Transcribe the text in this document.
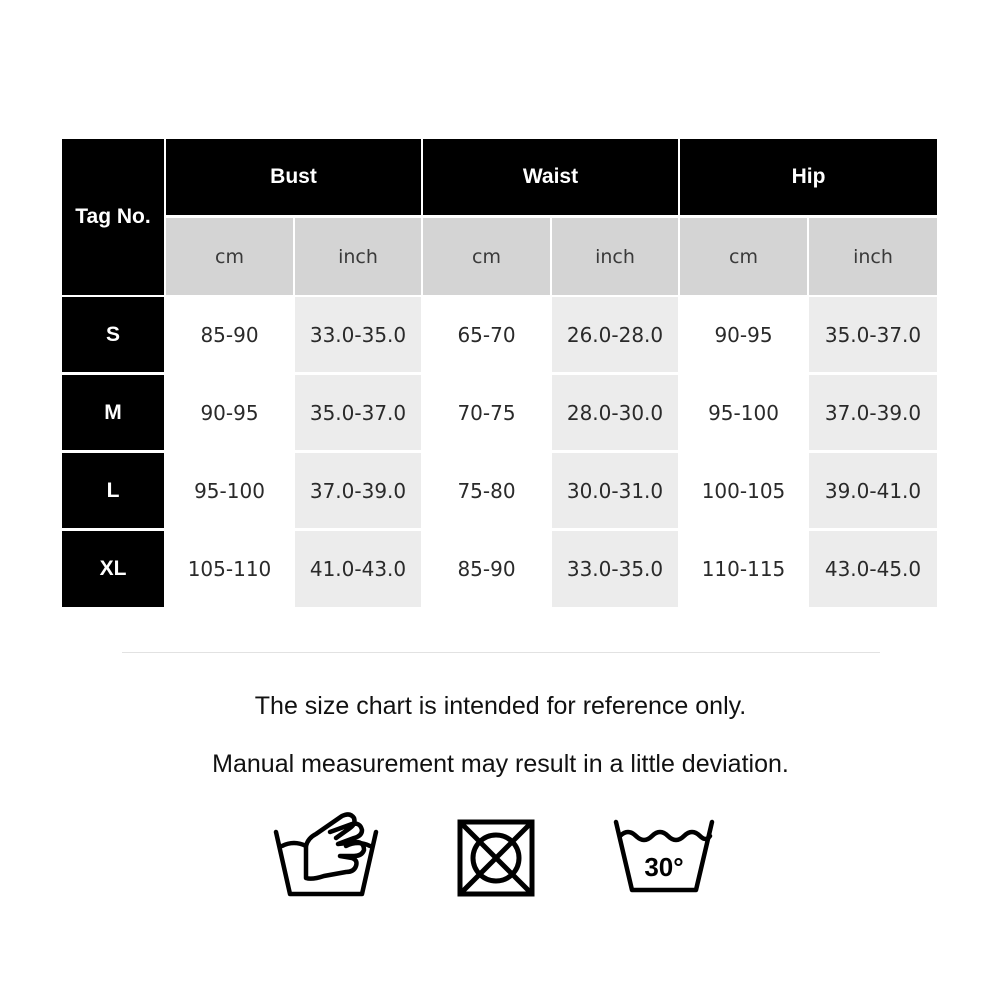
Tag No.
Bust	Waist	Hip
cm	inch	cm	inch	cm	inch
S	85-90	33.0-35.0	65-70	26.0-28.0	90-95	35.0-37.0
M	90-95	35.0-37.0	70-75	28.0-30.0	95-100	37.0-39.0
L	95-100	37.0-39.0	75-80	30.0-31.0	100-105	39.0-41.0
XL	105-110	41.0-43.0	85-90	33.0-35.0	110-115	43.0-45.0
The size chart is intended for reference only.
Manual measurement may result in a little deviation.
30°
